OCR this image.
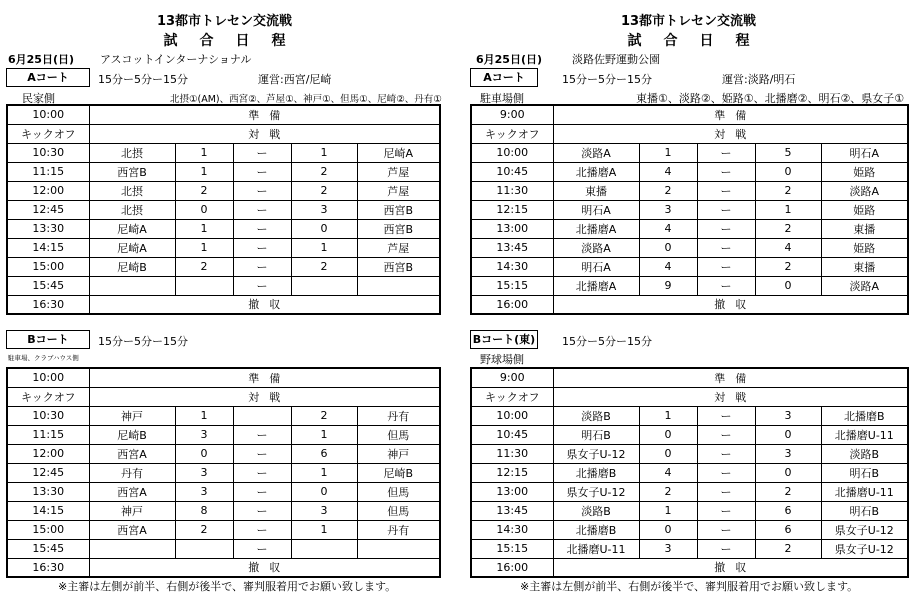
13都市トレセン交流戦
試合日程
6月25日(日) アスコットインターナショナル
Aコート	15分ー5分ー15分	運営:西宮/尼崎
民家側	北摂①(AM)、西宮②、芦屋①、神戸①、但馬①、尼崎②、丹有①
10:00	準備				
キックオフ	対戦				
10:30	北摂	1	ー	1	尼崎A
11:15	西宮B	1	ー	2	芦屋
12:00	北摂	2	ー	2	芦屋
12:45	北摂	0	ー	3	西宮B
13:30	尼崎A	1	ー	0	西宮B
14:15	尼崎A	1	ー	1	芦屋
15:00	尼崎B	2	ー	2	西宮B
15:45			ー		
16:30	撤収				
Bコート	15分ー5分ー15分
駐車場、クラブハウス側
10:00	準備				
キックオフ	対戦				
10:30	神戸	1		2	丹有
11:15	尼崎B	3	ー	1	但馬
12:00	西宮A	0	ー	6	神戸
12:45	丹有	3	ー	1	尼崎B
13:30	西宮A	3	ー	0	但馬
14:15	神戸	8	ー	3	但馬
15:00	西宮A	2	ー	1	丹有
15:45			ー		
16:30	撤収				
※主審は左側が前半、右側が後半で、審判服着用でお願い致します。
13都市トレセン交流戦
試合日程
6月25日(日)	淡路佐野運動公園
Aコート	15分ー5分ー15分	運営:淡路/明石
駐車場側	東播①、淡路②、姫路①、北播磨②、明石②、県女子①
9:00	準備				
キックオフ	対戦				
10:00	淡路A	1	ー	5	明石A
10:45	北播磨A	4	ー	0	姫路
11:30	東播	2	ー	2	淡路A
12:15	明石A	3	ー	1	姫路
13:00	北播磨A	4	ー	2	東播
13:45	淡路A	0	ー	4	姫路
14:30	明石A	4	ー	2	東播
15:15	北播磨A	9	ー	0	淡路A
16:00	撤収				
Bコート(東) 15分ー5分ー15分
野球場側
9:00	準備				
キックオフ	対戦				
10:00	淡路B	1	ー	3	北播磨B
10:45	明石B	0	ー	0	北播磨U-11
11:30	県女子U-12	0	ー	3	淡路B
12:15	北播磨B	4	ー	0	明石B
13:00	県女子U-12	2	ー	2	北播磨U-11
13:45	淡路B	1	ー	6	明石B
14:30	北播磨B	0	ー	6	県女子U-12
15:15	北播磨U-11	3	ー	2	県女子U-12
16:00	撤収				
※主審は左側が前半、右側が後半で、審判服着用でお願い致します。
